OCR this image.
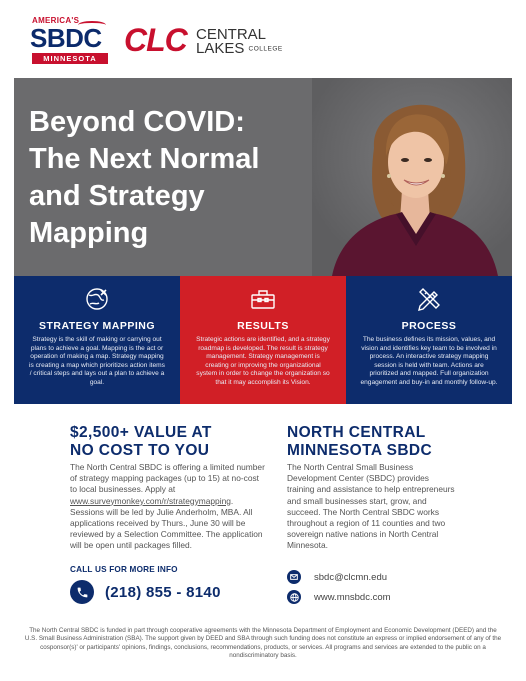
AMERICA'S
SBDC
MINNESOTA
CLC CENTRAL
LAKES COLLEGE
Beyond COVID:
The Next Normal
and Strategy
Mapping
STRATEGY MAPPING

Strategy is the skill of making or carrying out plans to achieve a goal. Mapping is the act or operation of making a map. Strategy mapping is creating a map which prioritizes action items / critical steps and lays out a plan to achieve a goal.

RESULTS

Strategic actions are identified, and a strategy roadmap is developed. The result is strategy management. Strategy management is creating or improving the organizational system in order to change the organization so that it may accomplish its Vision.

PROCESS

The business defines its mission, values, and vision and identifies key team to be involved in process. An interactive strategy mapping session is held with team. Actions are prioritized and mapped. Full organization engagement and buy-in and monthly follow-up.

$2,500+ VALUE AT
NO COST TO YOU

The North Central SBDC is offering a limited number of strategy mapping packages (up to 15) at no-cost to local businesses. Apply at www.surveymonkey.com/r/strategymapping. Sessions will be led by Julie Anderholm, MBA. All applications received by Thurs., June 30 will be reviewed by a Selection Committee. The application will be open until packages filled.

CALL US FOR MORE INFO
(218) 855 - 8140
NORTH CENTRAL
MINNESOTA SBDC

The North Central Small Business Development Center (SBDC) provides training and assistance to help entrepreneurs and small businesses start, grow, and succeed. The North Central SBDC works throughout a region of 11 counties and two sovereign native nations in North Central Minnesota.

sbdc@clcmn.edu
www.mnsbdc.com
The North Central SBDC is funded in part through cooperative agreements with the Minnesota Department of Employment and Economic Development (DEED) and the U.S. Small Business Administration (SBA). The support given by DEED and SBA through such funding does not constitute an express or implied endorsement of any of the cosponsor(s)' or participants' opinions, findings, conclusions, recommendations, products, or services. All programs and services are extended to the public on a nondiscriminatory basis.
